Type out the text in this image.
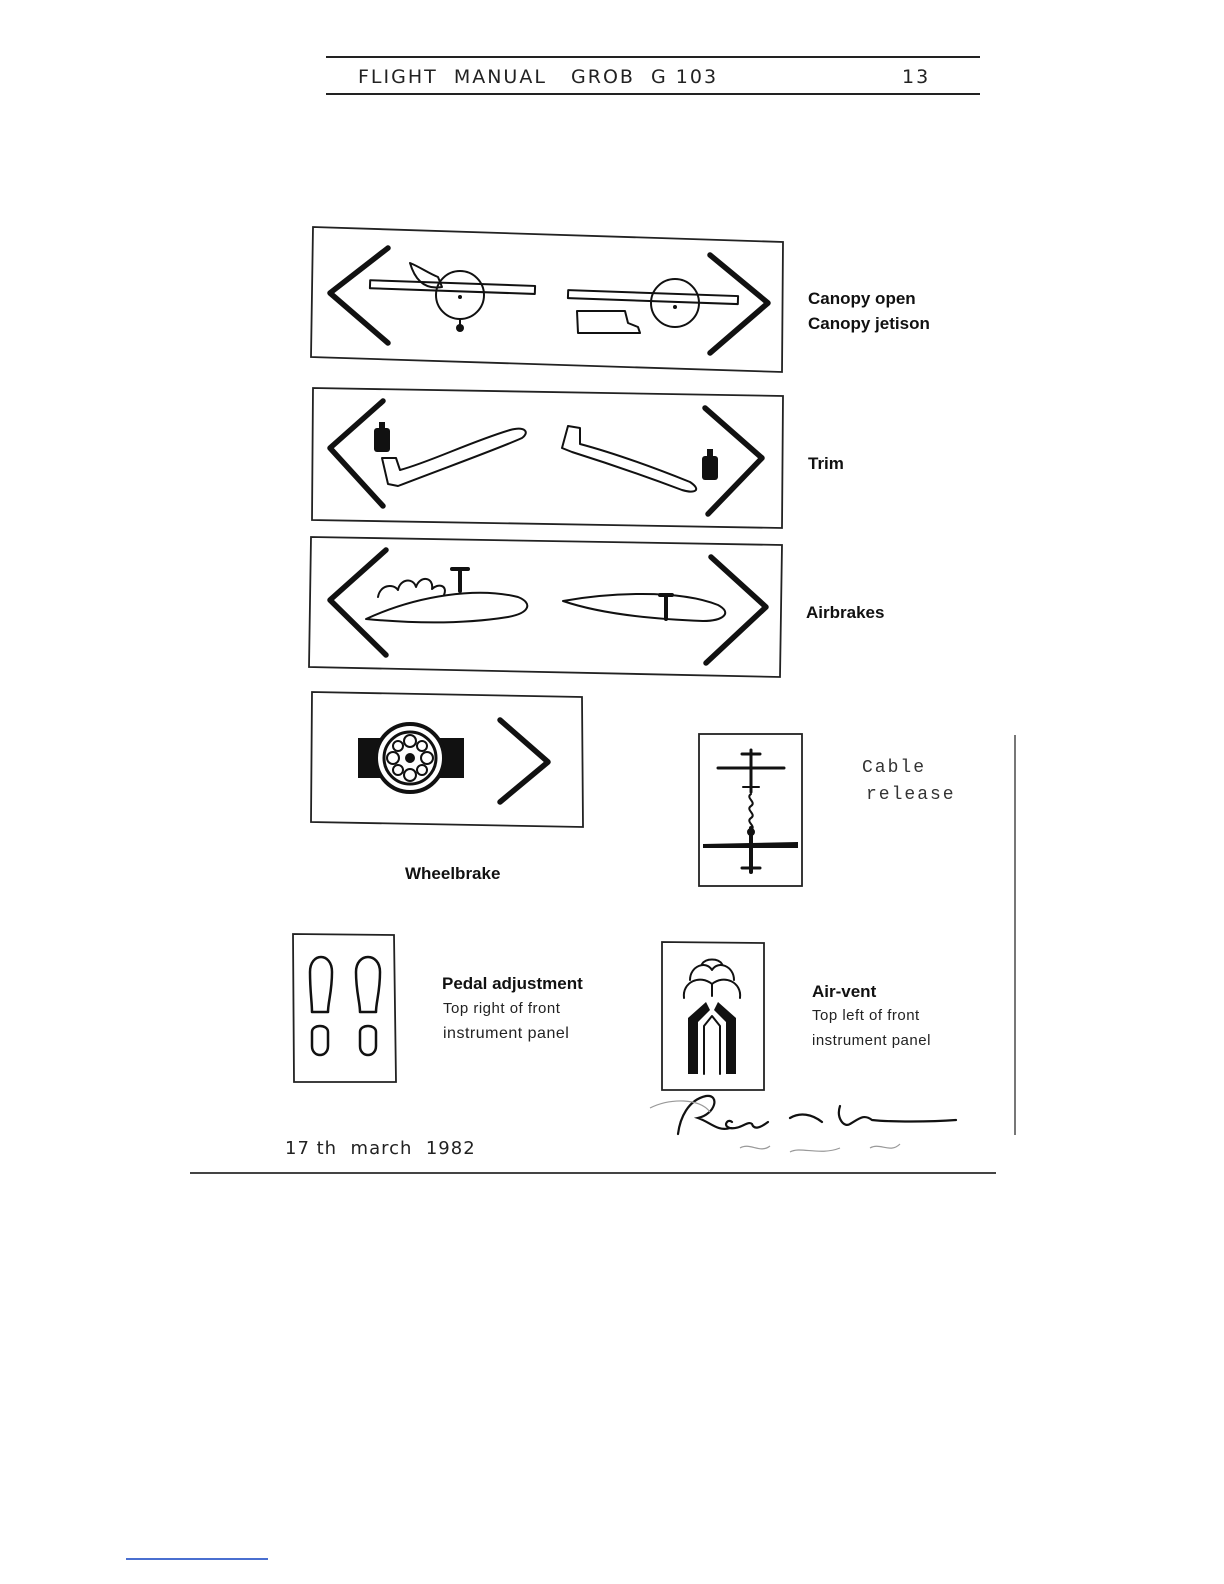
FLIGHT  MANUAL   GROB  G 103	13
Canopy open
Canopy jetison
Trim
Airbrakes
Wheelbrake
Cable
release
Pedal adjustment
Top right of front
instrument panel
Air-vent
Top left of front
instrument panel
17 th  march  1982
